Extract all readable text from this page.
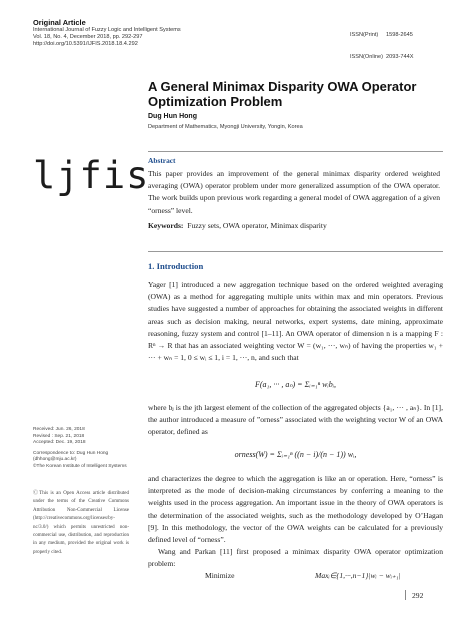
Original Article
International Journal of Fuzzy Logic and Intelligent Systems
Vol. 18, No. 4, December 2018, pp. 292-297
http://doi.org/10.5391/IJFIS.2018.18.4.292

ISSN(Print)     1598-2645

ISSN(Online)  2093-744X

A General Minimax Disparity OWA Operator Optimization Problem
Dug Hun Hong
Department of Mathematics, Myongji University, Yongin, Korea
ljfis
Abstract
This paper provides an improvement of the general minimax disparity ordered weighted averaging (OWA) operator problem under more generalized assumption of the OWA operator. The work builds upon previous work regarding a general model of OWA aggregation of a given “orness” level.
Keywords: Fuzzy sets, OWA operator, Minimax disparity
1. Introduction
Yager [1] introduced a new aggregation technique based on the ordered weighted averaging (OWA) as a method for aggregating multiple units within max and min operators. Previous studies have suggested a number of approaches for obtaining the associated weights in different areas such as decision making, neural networks, expert systems, date mining, approximate reasoning, fuzzy system and control [1–11]. An OWA operator of dimension n is a mapping F : Rⁿ → R that has an associated weighting vector W = (w₁, ···, wₙ) of having the properties w₁ + ··· + wₙ = 1, 0 ≤ wᵢ ≤ 1, i = 1, ···, n, and such that
F(a₁, ··· , aₙ) = Σᵢ₌₁ⁿ wᵢbᵢ,
where bⱼ is the jth largest element of the collection of the aggregated objects {a₁, ··· , aₙ}. In [1], the author introduced a measure of ”orness” associated with the weighting vector W of an OWA operator, defined as
orness(W) = Σᵢ₌₁ⁿ ((n − i)/(n − 1)) wᵢ,
and characterizes the degree to which the aggregation is like an or operation. Here, “orness” is interpreted as the mode of decision-making circumstances by conferring a meaning to the weights used in the process aggregation. An important issue in the theory of OWA operators is the determination of the associated weights, such as the methodology developed by O’Hagan [9]. In this methodology, the vector of the OWA weights can be calculated for a previously defined level of “orness”.
Wang and Parkan [11] first proposed a minimax disparity OWA operator optimization problem:
Minimize	Maxᵢ∈{1,···,n−1}|wᵢ − wᵢ₊₁|
Received: Jun. 26, 2018
Revised : Sep. 21, 2018
Accepted: Dec. 19, 2018
Correspondence to: Dug Hun Hong
(dhhong@mju.ac.kr)
©The Korean Institute of Intelligent Systems
ⒸThis is an Open Access article distributed under the terms of the Creative Commons Attribution Non-Commercial License (http://creativecommons.org/licenses/by-nc/3.0/) which permits unrestricted non-commercial use, distribution, and reproduction in any medium, provided the original work is properly cited.
292
